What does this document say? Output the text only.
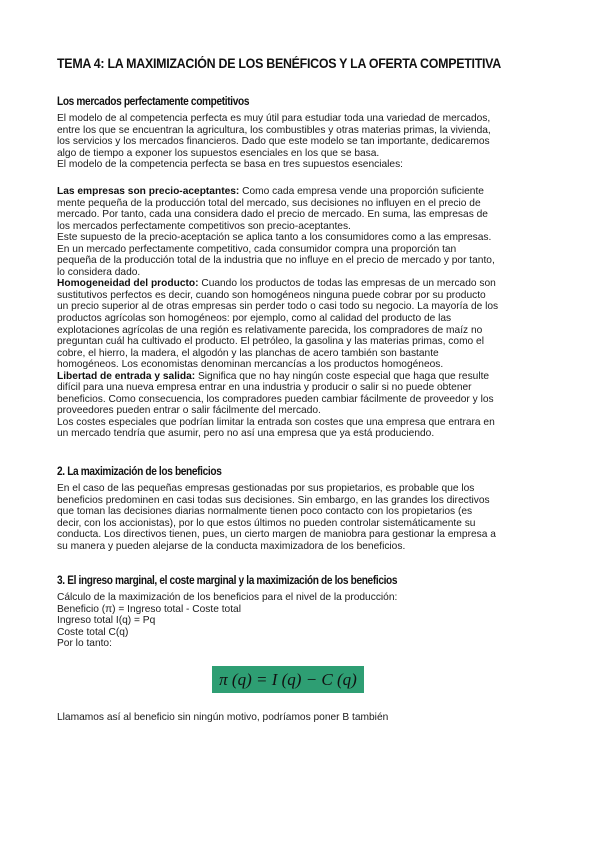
TEMA 4: LA MAXIMIZACIÓN DE LOS BENÉFICOS Y LA OFERTA COMPETITIVA
Los mercados perfectamente competitivos

El modelo de al competencia perfecta es muy útil para estudiar toda una variedad de mercados,

entre los que se encuentran la agricultura, los combustibles y otras materias primas, la vivienda,

los servicios y los mercados financieros. Dado que este modelo se tan importante, dedicaremos

algo de tiempo a exponer los supuestos esenciales en los que se basa.

El modelo de la competencia perfecta se basa en tres supuestos esenciales:

Las empresas son precio-aceptantes: Como cada empresa vende una proporción suficiente

mente pequeña de la producción total del mercado, sus decisiones no influyen en el precio de

mercado. Por tanto, cada una considera dado el precio de mercado. En suma, las empresas de

los mercados perfectamente competitivos son precio-aceptantes.

Este supuesto de la precio-aceptación se aplica tanto a los consumidores como a las empresas.

En un mercado perfectamente competitivo, cada consumidor compra una proporción tan

pequeña de la producción total de la industria que no influye en el precio de mercado y por tanto,

lo considera dado.

Homogeneidad del producto: Cuando los productos de todas las empresas de un mercado son

sustitutivos perfectos es decir, cuando son homogéneos ninguna puede cobrar por su producto

un precio superior al de otras empresas sin perder todo o casi todo su negocio. La mayoría de los

productos agrícolas son homogéneos: por ejemplo, como al calidad del producto de las

explotaciones agrícolas de una región es relativamente parecida, los compradores de maíz no

preguntan cuál ha cultivado el producto. El petróleo, la gasolina y las materias primas, como el

cobre, el hierro, la madera, el algodón y las planchas de acero también son bastante

homogéneos. Los economistas denominan mercancías a los productos homogéneos.

Libertad de entrada y salida: Significa que no hay ningún coste especial que haga que resulte

difícil para una nueva empresa entrar en una industria y producir o salir si no puede obtener

beneficios. Como consecuencia, los compradores pueden cambiar fácilmente de proveedor y los

proveedores pueden entrar o salir fácilmente del mercado.

Los costes especiales que podrían limitar la entrada son costes que una empresa que entrara en

un mercado tendría que asumir, pero no así una empresa que ya está produciendo.

2. La maximización de los beneficios

En el caso de las pequeñas empresas gestionadas por sus propietarios, es probable que los

beneficios predominen en casi todas sus decisiones. Sin embargo, en las grandes los directivos

que toman las decisiones diarias normalmente tienen poco contacto con los propietarios (es

decir, con los accionistas), por lo que estos últimos no pueden controlar sistemáticamente su

conducta. Los directivos tienen, pues, un cierto margen de maniobra para gestionar la empresa a

su manera y pueden alejarse de la conducta maximizadora de los beneficios.

3. El ingreso marginal, el coste marginal y la maximización de los beneficios

Cálculo de la maximización de los beneficios para el nivel de la producción:

Beneficio (π) = Ingreso total - Coste total

Ingreso total I(q) = Pq

Coste total C(q)

Por lo tanto:

π (q) = I (q) − C (q)

Llamamos así al beneficio sin ningún motivo, podríamos poner B también
